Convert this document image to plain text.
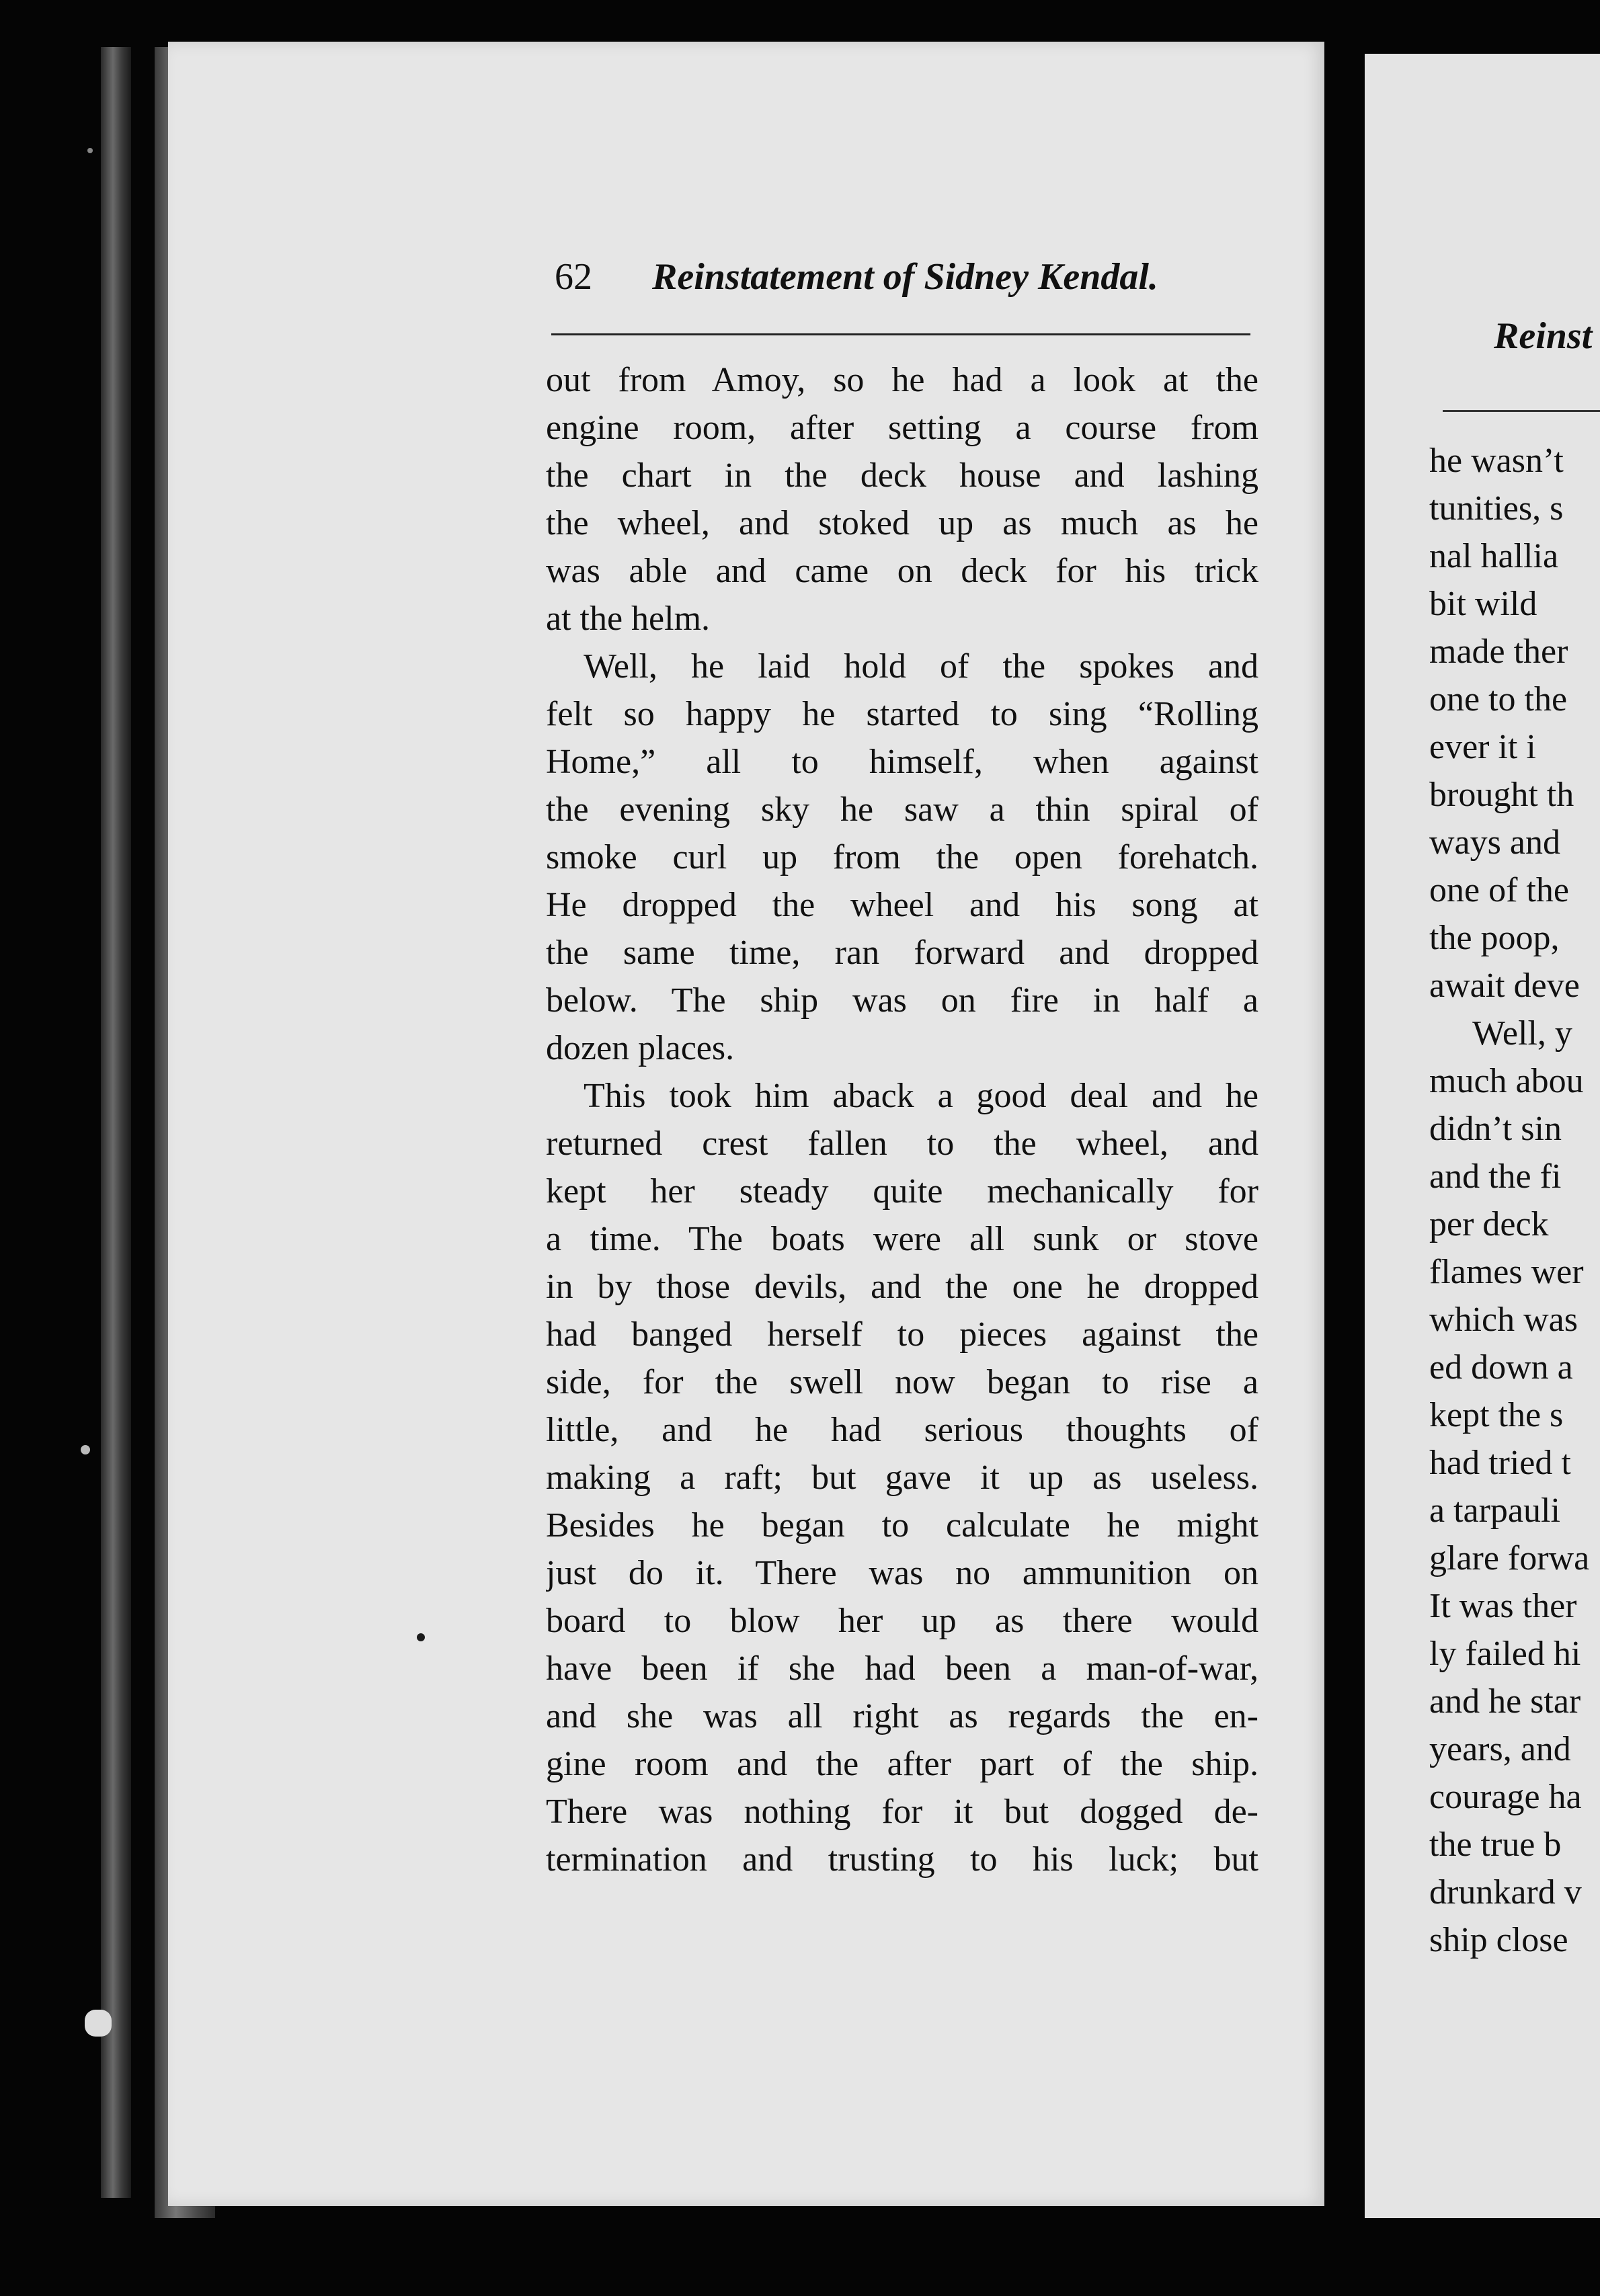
62 Reinstatement of Sidney Kendal.
out from Amoy, so he had a look at the
engine room, after setting a course from
the chart in the deck house and lashing
the wheel, and stoked up as much as he
was able and came on deck for his trick
at the helm.
Well, he laid hold of the spokes and
felt so happy he started to sing “Rolling
Home,” all to himself, when against
the evening sky he saw a thin spiral of
smoke curl up from the open forehatch.
He dropped the wheel and his song at
the same time, ran forward and dropped
below. The ship was on fire in half a
dozen places.
This took him aback a good deal and he
returned crest fallen to the wheel, and
kept her steady quite mechanically for
a time. The boats were all sunk or stove
in by those devils, and the one he dropped
had banged herself to pieces against the
side, for the swell now began to rise a
little, and he had serious thoughts of
making a raft; but gave it up as useless.
Besides he began to calculate he might
just do it. There was no ammunition on
board to blow her up as there would
have been if she had been a man-of-war,
and she was all right as regards the en-
gine room and the after part of the ship.
There was nothing for it but dogged de-
termination and trusting to his luck; but
Reinst
he wasn’t
tunities, s
nal hallia
bit wild
made ther
one to the
ever it i
brought th
ways and
one of the
the poop,
await deve
Well, y
much abou
didn’t sin
and the fi
per deck
flames wer
which was
ed down a
kept the s
had tried t
a tarpauli
glare forwa
It was ther
ly failed hi
and he star
years, and
courage ha
the true b
drunkard v
ship close
